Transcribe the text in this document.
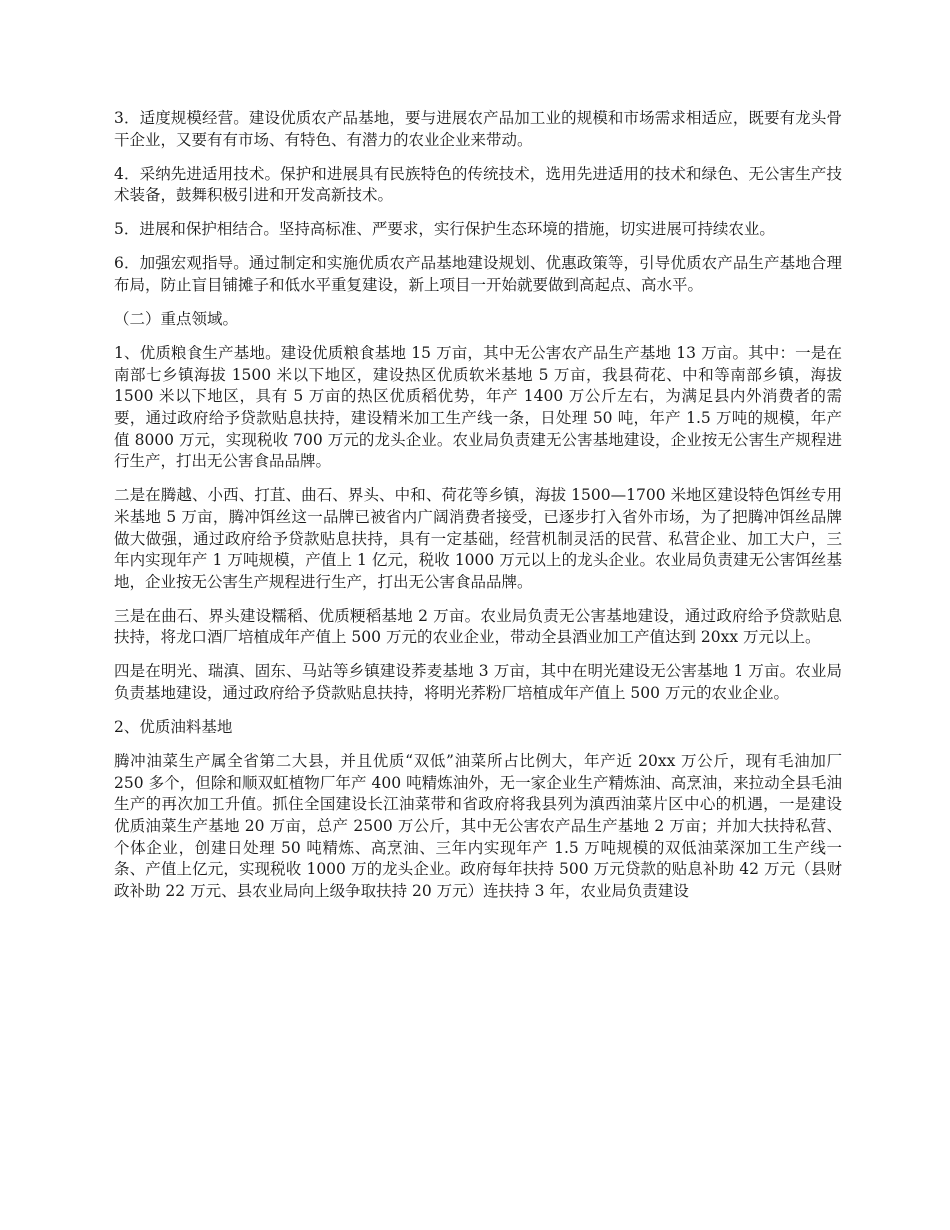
3．适度规模经营。建设优质农产品基地，要与进展农产品加工业的规模和市场需求相适应，既要有龙头骨干企业，又要有有市场、有特色、有潜力的农业企业来带动。

4．采纳先进适用技术。保护和进展具有民族特色的传统技术，选用先进适用的技术和绿色、无公害生产技术装备，鼓舞积极引进和开发高新技术。

5．进展和保护相结合。坚持高标准、严要求，实行保护生态环境的措施，切实进展可持续农业。

6．加强宏观指导。通过制定和实施优质农产品基地建设规划、优惠政策等，引导优质农产品生产基地合理布局，防止盲目铺摊子和低水平重复建设，新上项目一开始就要做到高起点、高水平。

（二）重点领域。

1、优质粮食生产基地。建设优质粮食基地 15 万亩，其中无公害农产品生产基地 13 万亩。其中：一是在南部七乡镇海拔 1500 米以下地区，建设热区优质软米基地 5 万亩，我县荷花、中和等南部乡镇，海拔 1500 米以下地区，具有 5 万亩的热区优质稻优势，年产 1400 万公斤左右，为满足县内外消费者的需要，通过政府给予贷款贴息扶持，建设精米加工生产线一条，日处理 50 吨，年产 1.5 万吨的规模，年产值 8000 万元，实现税收 700 万元的龙头企业。农业局负责建无公害基地建设，企业按无公害生产规程进行生产，打出无公害食品品牌。

二是在腾越、小西、打苴、曲石、界头、中和、荷花等乡镇，海拔 1500—1700 米地区建设特色饵丝专用米基地 5 万亩，腾冲饵丝这一品牌已被省内广阔消费者接受，已逐步打入省外市场，为了把腾冲饵丝品牌做大做强，通过政府给予贷款贴息扶持，具有一定基础，经营机制灵活的民营、私营企业、加工大户，三年内实现年产 1 万吨规模，产值上 1 亿元，税收 1000 万元以上的龙头企业。农业局负责建无公害饵丝基地，企业按无公害生产规程进行生产，打出无公害食品品牌。

三是在曲石、界头建设糯稻、优质粳稻基地 2 万亩。农业局负责无公害基地建设，通过政府给予贷款贴息扶持，将龙口酒厂培植成年产值上 500 万元的农业企业，带动全县酒业加工产值达到 20xx 万元以上。

四是在明光、瑞滇、固东、马站等乡镇建设荞麦基地 3 万亩，其中在明光建设无公害基地 1 万亩。农业局负责基地建设，通过政府给予贷款贴息扶持，将明光荞粉厂培植成年产值上 500 万元的农业企业。

2、优质油料基地

腾冲油菜生产属全省第二大县，并且优质“双低”油菜所占比例大，年产近 20xx 万公斤，现有毛油加厂 250 多个，但除和顺双虹植物厂年产 400 吨精炼油外，无一家企业生产精炼油、高烹油，来拉动全县毛油生产的再次加工升值。抓住全国建设长江油菜带和省政府将我县列为滇西油菜片区中心的机遇，一是建设优质油菜生产基地 20 万亩，总产 2500 万公斤，其中无公害农产品生产基地 2 万亩；并加大扶持私营、个体企业，创建日处理 50 吨精炼、高烹油、三年内实现年产 1.5 万吨规模的双低油菜深加工生产线一条、产值上亿元，实现税收 1000 万的龙头企业。政府每年扶持 500 万元贷款的贴息补助 42 万元（县财政补助 22 万元、县农业局向上级争取扶持 20 万元）连扶持 3 年，农业局负责建设
